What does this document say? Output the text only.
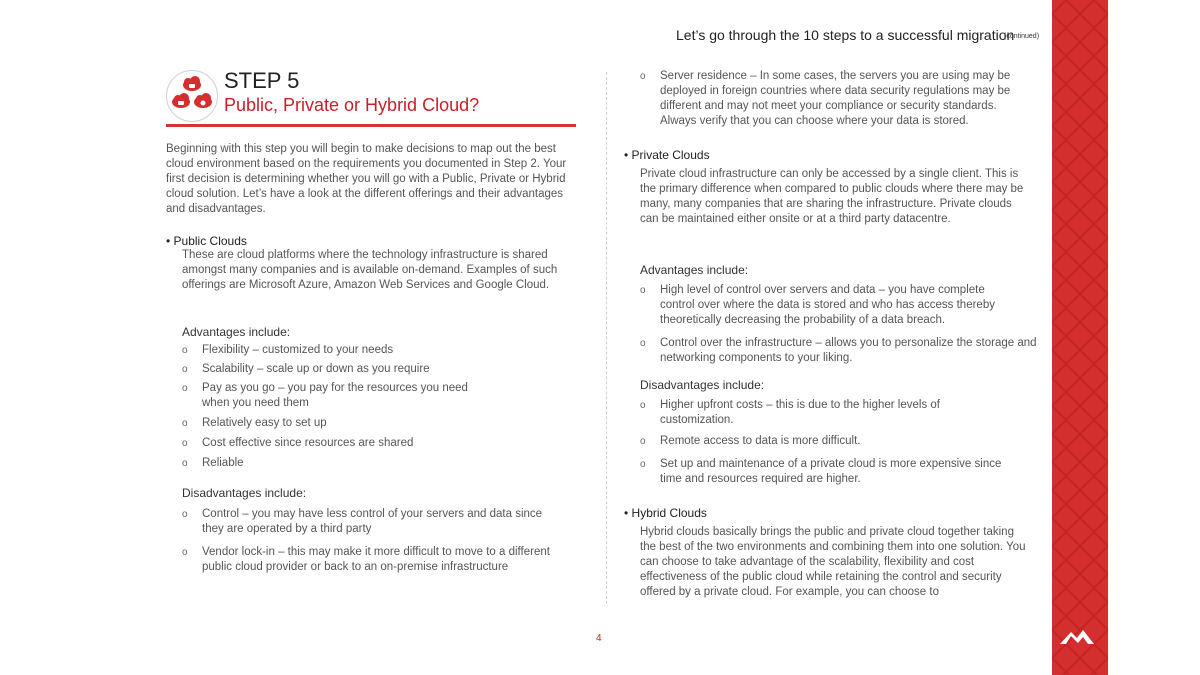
Let’s go through the 10 steps to a successful migration
(continued)
STEP 5
Public, Private or Hybrid Cloud?
Beginning with this step you will begin to make decisions to map out the best cloud environment based on the requirements you documented in Step 2. Your first decision is determining whether you will go with a Public, Private or Hybrid cloud solution. Let’s have a look at the different offerings and their advantages and disadvantages.
• Public Clouds
These are cloud platforms where the technology infrastructure is shared amongst many companies and is available on-demand. Examples of such offerings are Microsoft Azure, Amazon Web Services and Google Cloud.
Advantages include:
o	Flexibility – customized to your needs
o	Scalability – scale up or down as you require
o	Pay as you go – you pay for the resources you need when you need them
o	Relatively easy to set up
o	Cost effective since resources are shared
o	Reliable
Disadvantages include:
o	Control – you may have less control of your servers and data since they are operated by a third party
o	Vendor lock-in – this may make it more difficult to move to a different public cloud provider or back to an on-premise infrastructure
o	Server residence – In some cases, the servers you are using may be deployed in foreign countries where data security regulations may be different and may not meet your compliance or security standards. Always verify that you can choose where your data is stored.
• Private Clouds
Private cloud infrastructure can only be accessed by a single client. This is the primary difference when compared to public clouds where there may be many, many companies that are sharing the infrastructure. Private clouds can be maintained either onsite or at a third party datacentre.
Advantages include:
o	High level of control over servers and data – you have complete control over where the data is stored and who has access thereby theoretically decreasing the probability of a data breach.
o	Control over the infrastructure – allows you to personalize the storage and networking components to your liking.
Disadvantages include:
o	Higher upfront costs – this is due to the higher levels of customization.
o	Remote access to data is more difficult.
o	Set up and maintenance of a private cloud is more expensive since time and resources required are higher.
• Hybrid Clouds
Hybrid clouds basically brings the public and private cloud together taking the best of the two environments and combining them into one solution. You can choose to take advantage of the scalability, flexibility and cost effectiveness of the public cloud while retaining the control and security offered by a private cloud. For example, you can choose to
4
